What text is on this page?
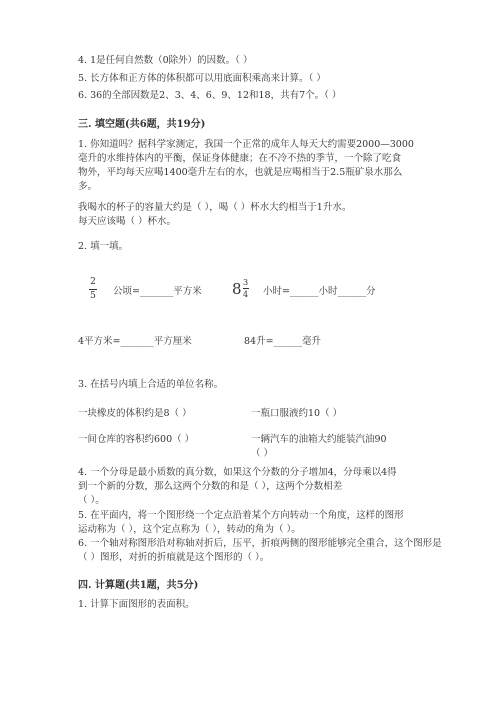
4. 1是任何自然数（0除外）的因数。（ ）
5. 长方体和正方体的体积都可以用底面积乘高来计算。（ ）
6. 36的全部因数是2、3、4、6、9、12和18，共有7个。（ ）
三. 填空题(共6题，共19分)
1. 你知道吗？据科学家测定，我国一个正常的成年人每天大约需要2000—3000
毫升的水维持体内的平衡，保证身体健康；在不冷不热的季节，一个除了吃食
物外，平均每天应喝1400毫升左右的水，也就是应喝相当于2.5瓶矿泉水那么
多。
我喝水的杯子的容量大约是（ ），喝（ ）杯水大约相当于1升水。
每天应该喝（ ）杯水。
2. 填一填。
2
5 公顷=_______平方米 8 3
4 小时=______小时______分
4平方米=_______平方厘米	84升=______毫升
3. 在括号内填上合适的单位名称。
一块橡皮的体积约是8（ ）	一瓶口服液约10（ ）
一间仓库的容积约600（ ）	一辆汽车的油箱大约能装汽油90
（ ）
4. 一个分母是最小质数的真分数，如果这个分数的分子增加4，分母乘以4得
到一个新的分数，那么这两个分数的和是（ ），这两个分数相差
（ ）。
5. 在平面内，将一个图形绕一个定点沿着某个方向转动一个角度，这样的图形
运动称为（ ），这个定点称为（ ），转动的角为（ ）。
6. 一个轴对称图形沿对称轴对折后，压平，折痕两侧的图形能够完全重合，这个图形是
（ ）图形，对折的折痕就是这个图形的（ ）。
四. 计算题(共1题，共5分)
1. 计算下面图形的表面积。
